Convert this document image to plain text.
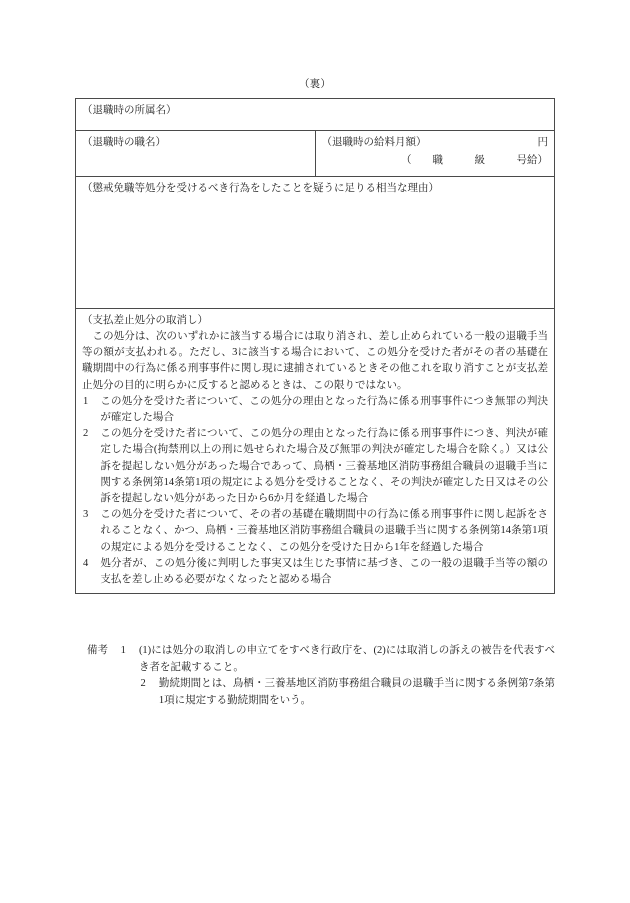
（裏）
（退職時の所属名）
（退職時の職名）	（退職時の給料月額）	円
（　　職　　　級　　　号給）

（懲戒免職等処分を受けるべき行為をしたことを疑うに足りる相当な理由）

（支払差止処分の取消し）

この処分は、次のいずれかに該当する場合には取り消され、差し止められている一般の退職手当等の額が支払われる。ただし、3に該当する場合において、この処分を受けた者がその者の基礎在職期間中の行為に係る刑事事件に関し現に逮捕されているときその他これを取り消すことが支払差止処分の目的に明らかに反すると認めるときは、この限りではない。

1	この処分を受けた者について、この処分の理由となった行為に係る刑事事件につき無罪の判決が確定した場合
2	この処分を受けた者について、この処分の理由となった行為に係る刑事事件につき、判決が確定した場合(拘禁刑以上の刑に処せられた場合及び無罪の判決が確定した場合を除く。）又は公訴を提起しない処分があった場合であって、鳥栖・三養基地区消防事務組合職員の退職手当に関する条例第14条第1項の規定による処分を受けることなく、その判決が確定した日又はその公訴を提起しない処分があった日から6か月を経過した場合
3	この処分を受けた者について、その者の基礎在職期間中の行為に係る刑事事件に関し起訴をされることなく、かつ、鳥栖・三養基地区消防事務組合職員の退職手当に関する条例第14条第1項の規定による処分を受けることなく、この処分を受けた日から1年を経過した場合
4	処分者が、この処分後に判明した事実又は生じた事情に基づき、この一般の退職手当等の額の支払を差し止める必要がなくなったと認める場合
備考	1 (1)には処分の取消しの申立てをすべき行政庁を、(2)には取消しの訴えの被告を代表すべき者を記載すること。
2 勤続期間とは、鳥栖・三養基地区消防事務組合職員の退職手当に関する条例第7条第1項に規定する勤続期間をいう。
